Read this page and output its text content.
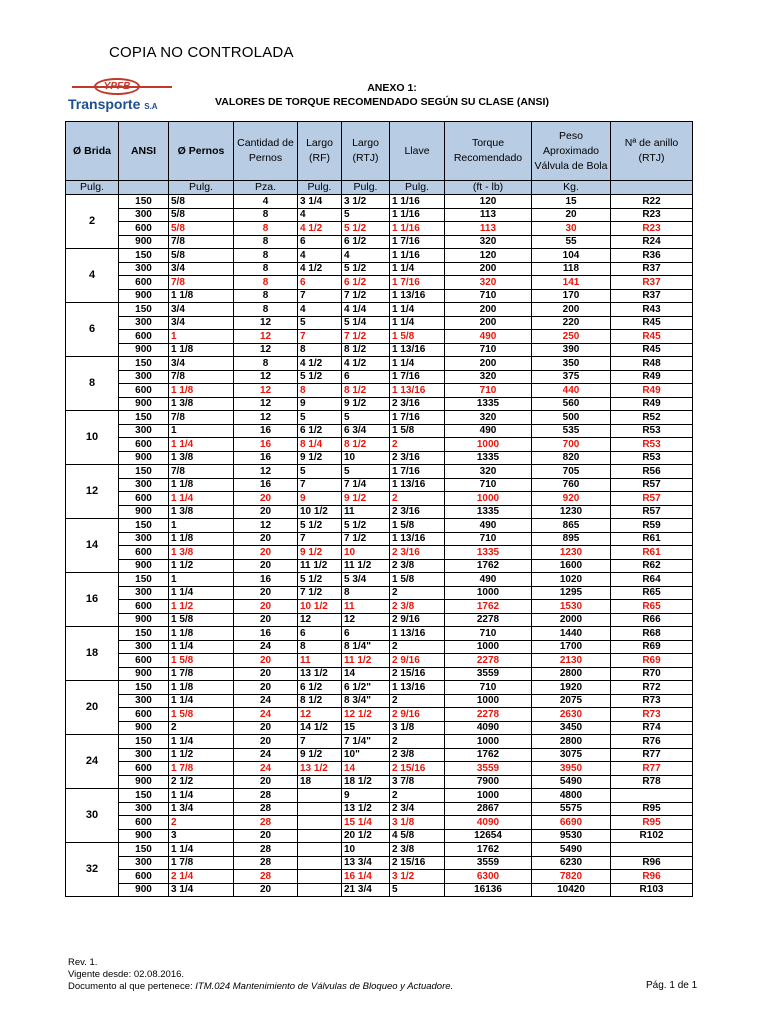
COPIA NO CONTROLADA
YPFB
Transporte S.A
ANEXO 1:
VALORES DE TORQUE RECOMENDADO SEGÚN SU CLASE (ANSI)
Ø Brida	ANSI	Ø Pernos	Cantidad de Pernos	Largo (RF)	Largo (RTJ)	Llave	Torque Recomendado	Peso Aproximado Válvula de Bola	Nª de anillo (RTJ)
Pulg.		Pulg.	Pza.	Pulg.	Pulg.	Pulg.	(ft - lb)	Kg.	
2	150	5/8	4	3 1/4	3 1/2	1 1/16	120	15	R22
	300	5/8	8	4	5	1 1/16	113	20	R23
	600	5/8	8	4 1/2	5 1/2	1 1/16	113	30	R23
	900	7/8	8	6	6 1/2	1 7/16	320	55	R24
4	150	5/8	8	4	4	1 1/16	120	104	R36
	300	3/4	8	4 1/2	5 1/2	1 1/4	200	118	R37
	600	7/8	8	6	6 1/2	1 7/16	320	141	R37
	900	1 1/8	8	7	7 1/2	1 13/16	710	170	R37
6	150	3/4	8	4	4 1/4	1 1/4	200	200	R43
	300	3/4	12	5	5 1/4	1 1/4	200	220	R45
	600	1	12	7	7 1/2	1 5/8	490	250	R45
	900	1 1/8	12	8	8 1/2	1 13/16	710	390	R45
8	150	3/4	8	4 1/2	4 1/2	1 1/4	200	350	R48
	300	7/8	12	5 1/2	6	1 7/16	320	375	R49
	600	1 1/8	12	8	8 1/2	1 13/16	710	440	R49
	900	1 3/8	12	9	9 1/2	2 3/16	1335	560	R49
10	150	7/8	12	5	5	1 7/16	320	500	R52
	300	1	16	6 1/2	6 3/4	1 5/8	490	535	R53
	600	1 1/4	16	8 1/4	8 1/2	2	1000	700	R53
	900	1 3/8	16	9 1/2	10	2 3/16	1335	820	R53
12	150	7/8	12	5	5	1 7/16	320	705	R56
	300	1 1/8	16	7	7 1/4	1 13/16	710	760	R57
	600	1 1/4	20	9	9 1/2	2	1000	920	R57
	900	1 3/8	20	10 1/2	11	2 3/16	1335	1230	R57
14	150	1	12	5 1/2	5 1/2	1 5/8	490	865	R59
	300	1 1/8	20	7	7 1/2	1 13/16	710	895	R61
	600	1 3/8	20	9 1/2	10	2 3/16	1335	1230	R61
	900	1 1/2	20	11 1/2	11 1/2	2 3/8	1762	1600	R62
16	150	1	16	5 1/2	5 3/4	1 5/8	490	1020	R64
	300	1 1/4	20	7 1/2	8	2	1000	1295	R65
	600	1 1/2	20	10 1/2	11	2 3/8	1762	1530	R65
	900	1 5/8	20	12	12	2 9/16	2278	2000	R66
18	150	1 1/8	16	6	6	1 13/16	710	1440	R68
	300	1 1/4	24	8	8 1/4"	2	1000	1700	R69
	600	1 5/8	20	11	11 1/2	2 9/16	2278	2130	R69
	900	1 7/8	20	13 1/2	14	2 15/16	3559	2800	R70
20	150	1 1/8	20	6 1/2	6 1/2"	1 13/16	710	1920	R72
	300	1 1/4	24	8 1/2	8 3/4"	2	1000	2075	R73
	600	1 5/8	24	12	12 1/2	2 9/16	2278	2630	R73
	900	2	20	14 1/2	15	3 1/8	4090	3450	R74
24	150	1 1/4	20	7	7 1/4"	2	1000	2800	R76
	300	1 1/2	24	9 1/2	10"	2 3/8	1762	3075	R77
	600	1 7/8	24	13 1/2	14	2 15/16	3559	3950	R77
	900	2 1/2	20	18	18 1/2	3 7/8	7900	5490	R78
30	150	1 1/4	28		9	2	1000	4800	
	300	1 3/4	28		13 1/2	2 3/4	2867	5575	R95
	600	2	28		15 1/4	3 1/8	4090	6690	R95
	900	3	20		20 1/2	4 5/8	12654	9530	R102
32	150	1 1/4	28		10	2 3/8	1762	5490	
	300	1 7/8	28		13 3/4	2 15/16	3559	6230	R96
	600	2 1/4	28		16 1/4	3 1/2	6300	7820	R96
	900	3 1/4	20		21 3/4	5	16136	10420	R103
Rev. 1.
Vigente desde: 02.08.2016.
Documento al que pertenece: ITM.024 Mantenimiento de Válvulas de Bloqueo y Actuadore.	Pág. 1 de 1
